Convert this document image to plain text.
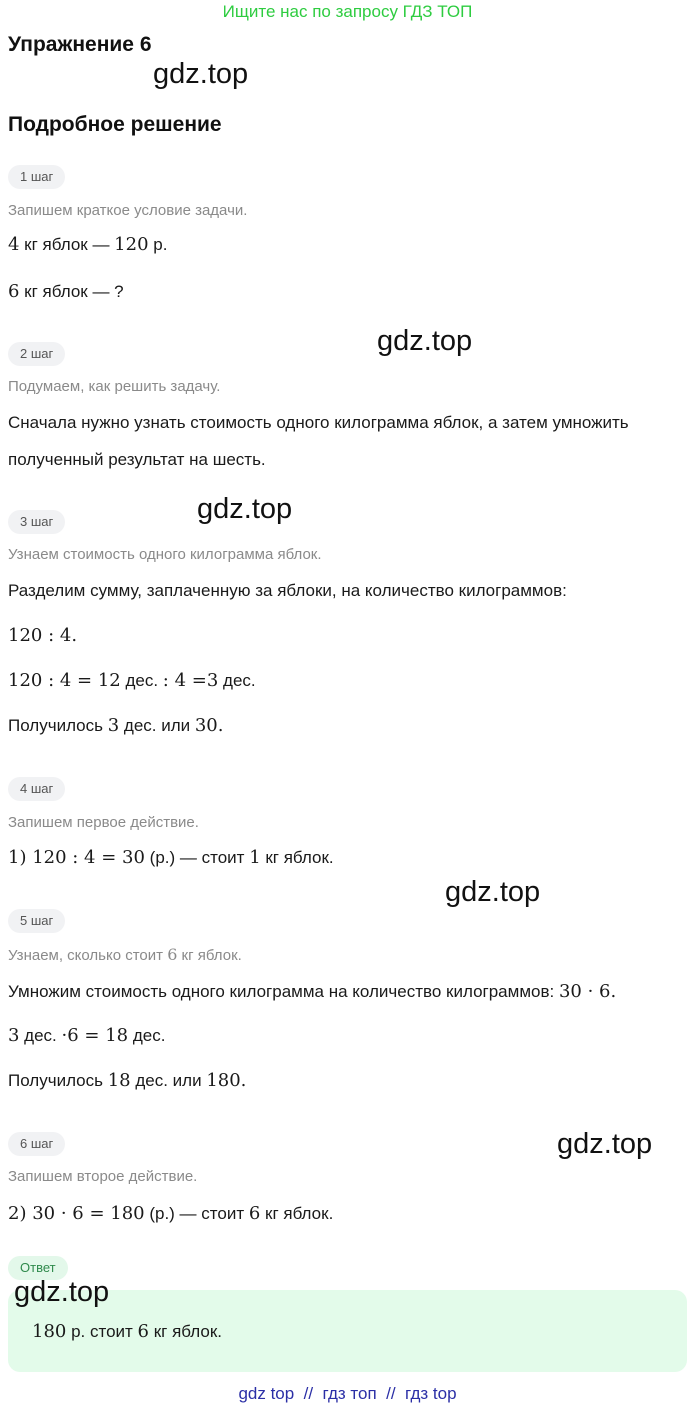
Ищите нас по запросу ГДЗ ТОП
Упражнение 6
gdz.top
Подробное решение
1 шаг
Запишем краткое условие задачи.
4 кг яблок — 120 р.
6 кг яблок — ?
2 шаг	gdz.top
Подумаем, как решить задачу.
Сначала нужно узнать стоимость одного килограмма яблок, а затем умножить полученный результат на шесть.
3 шаг	gdz.top
Узнаем стоимость одного килограмма яблок.
Разделим сумму, заплаченную за яблоки, на количество килограммов:
120 : 4.
120 : 4 = 12 дес. : 4 =3 дес.
Получилось 3 дес. или 30.
4 шаг
Запишем первое действие.
1) 120 : 4 = 30 (р.) — стоит 1 кг яблок.
gdz.top
5 шаг
Узнаем, сколько стоит 6 кг яблок.
Умножим стоимость одного килограмма на количество килограммов: 30 · 6.
3 дес. ·6 = 18 дес.
Получилось 18 дес. или 180.
6 шаг	gdz.top
Запишем второе действие.
2) 30 · 6 = 180 (р.) — стоит 6 кг яблок.
Ответ
180 р. стоит 6 кг яблок.
gdz.top
gdz top  //  гдз топ  //  гдз top
